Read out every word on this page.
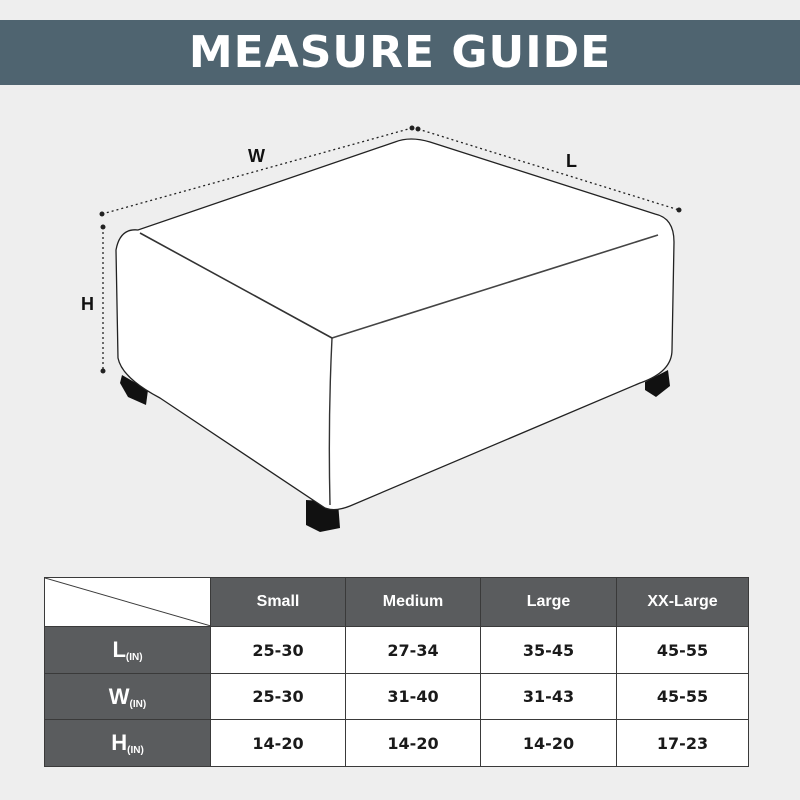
MEASURE GUIDE
W	L
H
	Small	Medium	Large	XX-Large
L(IN)	25-30	27-34	35-45	45-55
W(IN)	25-30	31-40	31-43	45-55
H(IN)	14-20	14-20	14-20	17-23
